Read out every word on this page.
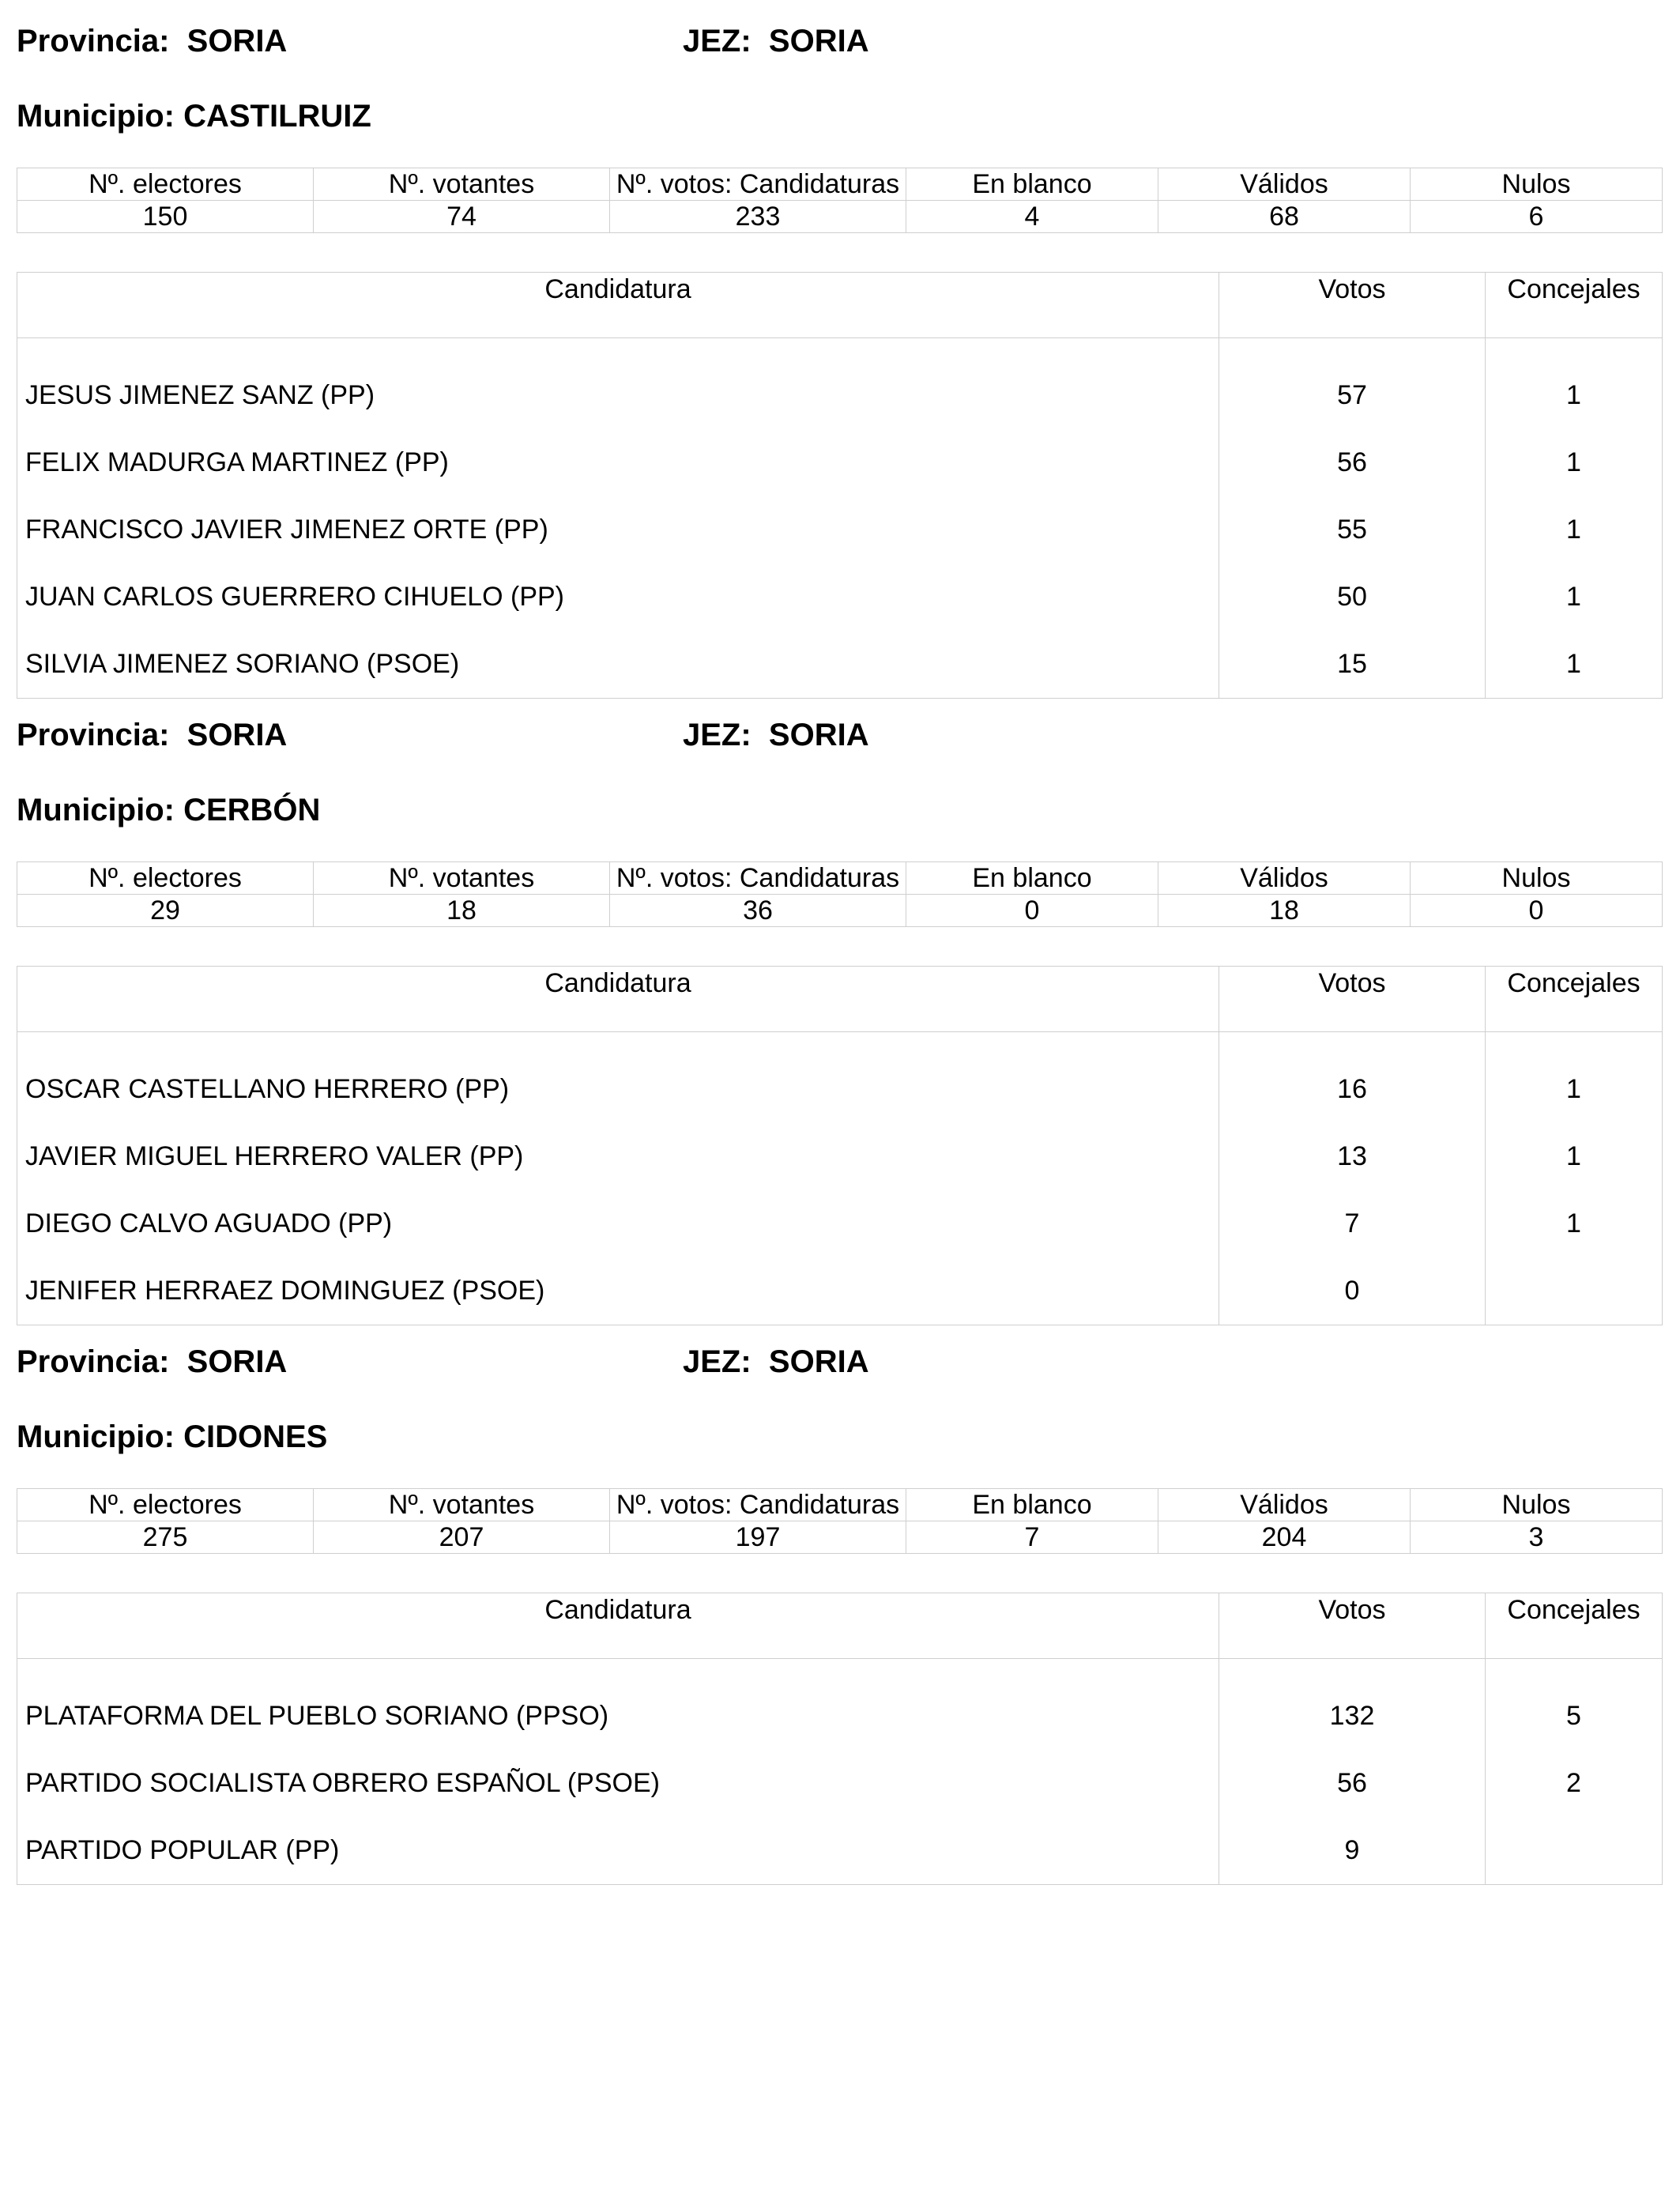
Provincia: SORIA	JEZ: SORIA
Municipio: CASTILRUIZ
Nº. electores	Nº. votantes	Nº. votos: Candidaturas	En blanco	Válidos	Nulos
150	74	233	4	68	6
Candidatura	Votos	Concejales
JESUS JIMENEZ SANZ (PP)	57	1
FELIX MADURGA MARTINEZ (PP)	56	1
FRANCISCO JAVIER JIMENEZ ORTE (PP)	55	1
JUAN CARLOS GUERRERO CIHUELO (PP)	50	1
SILVIA JIMENEZ SORIANO (PSOE)	15	1
Provincia: SORIA	JEZ: SORIA
Municipio: CERBÓN
Nº. electores	Nº. votantes	Nº. votos: Candidaturas	En blanco	Válidos	Nulos
29	18	36	0	18	0
Candidatura	Votos	Concejales
OSCAR CASTELLANO HERRERO (PP)	16	1
JAVIER MIGUEL HERRERO VALER (PP)	13	1
DIEGO CALVO AGUADO (PP)	7	1
JENIFER HERRAEZ DOMINGUEZ (PSOE)	0	
Provincia: SORIA	JEZ: SORIA
Municipio: CIDONES
Nº. electores	Nº. votantes	Nº. votos: Candidaturas	En blanco	Válidos	Nulos
275	207	197	7	204	3
Candidatura	Votos	Concejales
PLATAFORMA DEL PUEBLO SORIANO (PPSO)	132	5
PARTIDO SOCIALISTA OBRERO ESPAÑOL (PSOE)	56	2
PARTIDO POPULAR (PP)	9	
